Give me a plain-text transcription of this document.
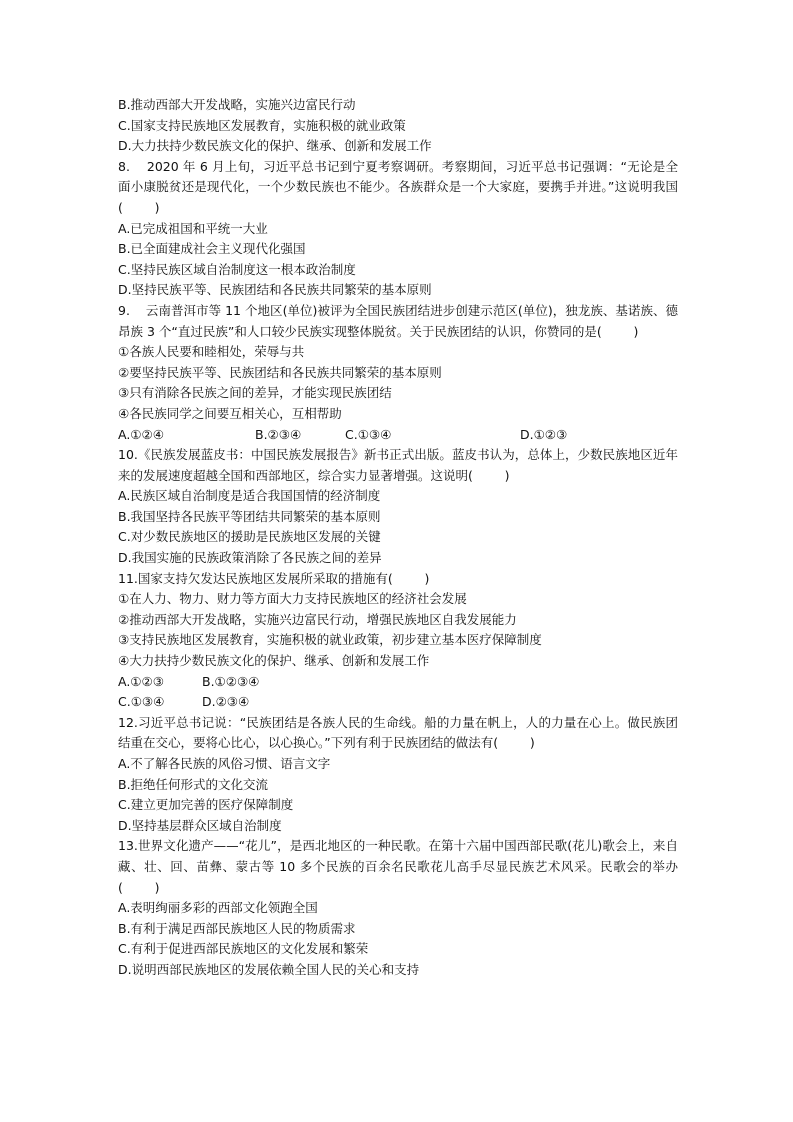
B.推动西部大开发战略，实施兴边富民行动
C.国家支持民族地区发展教育，实施积极的就业政策
D.大力扶持少数民族文化的保护、继承、创新和发展工作
8.    2020 年 6 月上旬，习近平总书记到宁夏考察调研。考察期间，习近平总书记强调：“无论是全面小康脱贫还是现代化，一个少数民族也不能少。各族群众是一个大家庭，要携手并进。”这说明我国(        )
A.已完成祖国和平统一大业
B.已全面建成社会主义现代化强国
C.坚持民族区域自治制度这一根本政治制度
D.坚持民族平等、民族团结和各民族共同繁荣的基本原则
9.    云南普洱市等 11 个地区(单位)被评为全国民族团结进步创建示范区(单位)，独龙族、基诺族、德昂族 3 个“直过民族”和人口较少民族实现整体脱贫。关于民族团结的认识，你赞同的是(        )
①各族人民要和睦相处，荣辱与共
②要坚持民族平等、民族团结和各民族共同繁荣的基本原则
③只有消除各民族之间的差异，才能实现民族团结
④各民族同学之间要互相关心，互相帮助
A.①②④	B.②③④	C.①③④	D.①②③
10.《民族发展蓝皮书：中国民族发展报告》新书正式出版。蓝皮书认为，总体上，少数民族地区近年来的发展速度超越全国和西部地区，综合实力显著增强。这说明(        )
A.民族区域自治制度是适合我国国情的经济制度
B.我国坚持各民族平等团结共同繁荣的基本原则
C.对少数民族地区的援助是民族地区发展的关键
D.我国实施的民族政策消除了各民族之间的差异
11.国家支持欠发达民族地区发展所采取的措施有(        )
①在人力、物力、财力等方面大力支持民族地区的经济社会发展
②推动西部大开发战略，实施兴边富民行动，增强民族地区自我发展能力
③支持民族地区发展教育，实施积极的就业政策，初步建立基本医疗保障制度
④大力扶持少数民族文化的保护、继承、创新和发展工作
A.①②③	B.①②③④
C.①③④	D.②③④
12.习近平总书记说：“民族团结是各族人民的生命线。船的力量在帆上，人的力量在心上。做民族团结重在交心，要将心比心，以心换心。”下列有利于民族团结的做法有(        )
A.不了解各民族的风俗习惯、语言文字
B.拒绝任何形式的文化交流
C.建立更加完善的医疗保障制度
D.坚持基层群众区域自治制度
13.世界文化遗产——“花儿”，是西北地区的一种民歌。在第十六届中国西部民歌(花儿)歌会上，来自藏、壮、回、苗彝、蒙古等 10 多个民族的百余名民歌花儿高手尽显民族艺术风采。民歌会的举办(        )
A.表明绚丽多彩的西部文化领跑全国
B.有利于满足西部民族地区人民的物质需求
C.有利于促进西部民族地区的文化发展和繁荣
D.说明西部民族地区的发展依赖全国人民的关心和支持
